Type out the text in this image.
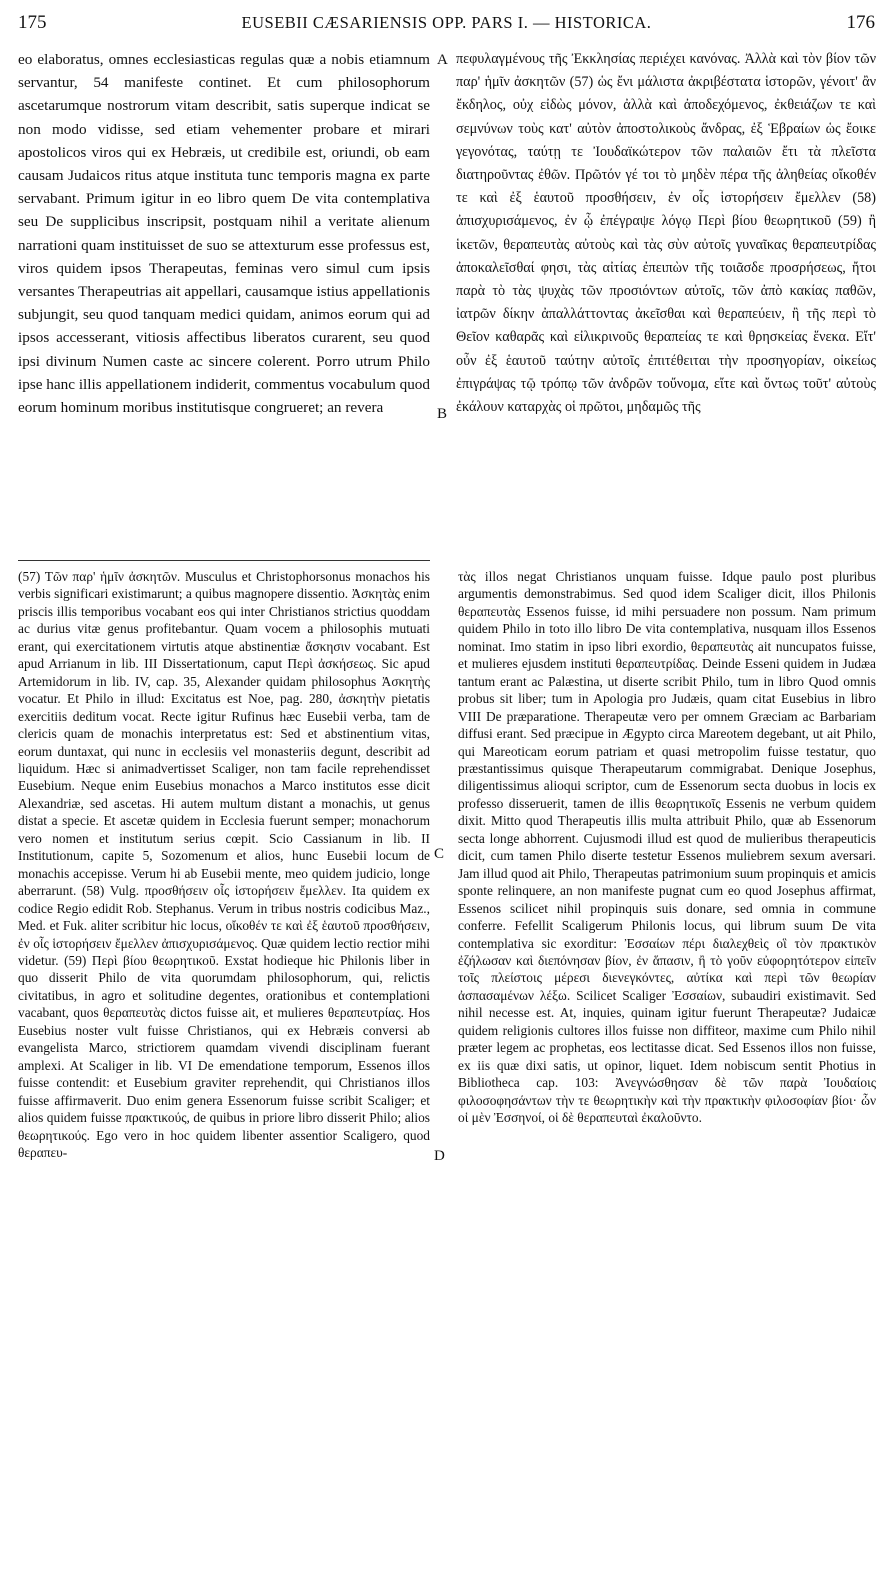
175	EUSEBII CÆSARIENSIS OPP. PARS I. — HISTORICA.	176

eo elaboratus, omnes ecclesiasticas regulas quæ a nobis etiamnum servantur, 54 manifeste continet. Et cum philosophorum ascetarumque nostrorum vitam describit, satis superque indicat se non modo vidisse, sed etiam vehementer probare et mirari apostolicos viros qui ex Hebræis, ut credibile est, oriundi, ob eam causam Judaicos ritus atque instituta tunc temporis magna ex parte servabant. Primum igitur in eo libro quem De vita contemplativa seu De supplicibus inscripsit, postquam nihil a veritate alienum narrationi quam instituisset de suo se attexturum esse professus est, viros quidem ipsos Therapeutas, feminas vero simul cum ipsis versantes Therapeutrias ait appellari, causamque istius appellationis subjungit, seu quod tanquam medici quidam, animos eorum qui ad ipsos accesserant, vitiosis affectibus liberatos curarent, seu quod ipsi divinum Numen caste ac sincere colerent. Porro utrum Philo ipse hanc illis appellationem indiderit, commentus vocabulum quod eorum hominum moribus institutisque congrueret; an revera

πεφυλαγμένους τῆς Ἐκκλησίας περιέχει κανόνας. Ἀλλὰ καὶ τὸν βίον τῶν παρ' ἡμῖν ἀσκητῶν (57) ὡς ἔνι μάλιστα ἀκριβέστατα ἱστορῶν, γένοιτ' ἂν ἔκδηλος, οὐχ εἰδὼς μόνον, ἀλλὰ καὶ ἀποδεχόμενος, ἐκθειάζων τε καὶ σεμνύνων τοὺς κατ' αὐτὸν ἀποστολικοὺς ἄνδρας, ἐξ Ἑβραίων ὡς ἔοικε γεγονότας, ταύτῃ τε Ἰουδαϊκώτερον τῶν παλαιῶν ἔτι τὰ πλεῖστα διατηροῦντας ἐθῶν. Πρῶτόν γέ τοι τὸ μηδὲν πέρα τῆς ἀληθείας οἴκοθέν τε καὶ ἐξ ἑαυτοῦ προσθήσειν, ἐν οἷς ἱστορήσειν ἔμελλεν (58) ἀπισχυρισάμενος, ἐν ᾧ ἐπέγραψε λόγῳ Περὶ βίου θεωρητικοῦ (59) ἢ ἱκετῶν, θεραπευτὰς αὐτοὺς καὶ τὰς σὺν αὐτοῖς γυναῖκας θεραπευτρίδας ἀποκαλεῖσθαί φησι, τὰς αἰτίας ἐπειπὼν τῆς τοιᾶσδε προσρήσεως, ἤτοι παρὰ τὸ τὰς ψυχὰς τῶν προσιόντων αὐτοῖς, τῶν ἀπὸ κακίας παθῶν, ἰατρῶν δίκην ἀπαλλάττοντας ἀκεῖσθαι καὶ θεραπεύειν, ἢ τῆς περὶ τὸ Θεῖον καθαρᾶς καὶ εἰλικρινοῦς θεραπείας τε καὶ θρησκείας ἕνεκα. Εἴτ' οὖν ἐξ ἑαυτοῦ ταύτην αὐτοῖς ἐπιτέθειται τὴν προσηγορίαν, οἰκείως ἐπιγράψας τῷ τρόπῳ τῶν ἀνδρῶν τοὔνομα, εἴτε καὶ ὄντως τοῦτ' αὐτοὺς ἐκάλουν καταρχὰς οἱ πρῶτοι, μηδαμῶς τῆς

A
B
C
D

(57) Τῶν παρ' ἡμῖν ἀσκητῶν. Musculus et Christophorsonus monachos his verbis significari existimarunt; a quibus magnopere dissentio. Ἀσκητὰς enim priscis illis temporibus vocabant eos qui inter Christianos strictius quoddam ac durius vitæ genus profitebantur. Quam vocem a philosophis mutuati erant, qui exercitationem virtutis atque abstinentiæ ἄσκησιν vocabant. Est apud Arrianum in lib. III Dissertationum, caput Περὶ ἀσκήσεως. Sic apud Artemidorum in lib. IV, cap. 35, Alexander quidam philosophus Ἀσκητὴς vocatur. Et Philo in illud: Excitatus est Noe, pag. 280, ἀσκητὴν pietatis exercitiis deditum vocat. Recte igitur Rufinus hæc Eusebii verba, tam de clericis quam de monachis interpretatus est: Sed et abstinentium vitas, eorum duntaxat, qui nunc in ecclesiis vel monasteriis degunt, describit ad liquidum. Hæc si animadvertisset Scaliger, non tam facile reprehendisset Eusebium. Neque enim Eusebius monachos a Marco institutos esse dicit Alexandriæ, sed ascetas. Hi autem multum distant a monachis, ut genus distat a specie. Et ascetæ quidem in Ecclesia fuerunt semper; monachorum vero nomen et institutum serius cœpit. Scio Cassianum in lib. II Institutionum, capite 5, Sozomenum et alios, hunc Eusebii locum de monachis accepisse. Verum hi ab Eusebii mente, meo quidem judicio, longe aberrarunt. (58) Vulg. προσθήσειν οἷς ἱστορήσειν ἔμελλεν. Ita quidem ex codice Regio edidit Rob. Stephanus. Verum in tribus nostris codicibus Maz., Med. et Fuk. aliter scribitur hic locus, οἴκοθέν τε καὶ ἐξ ἑαυτοῦ προσθήσειν, ἐν οἷς ἱστορήσειν ἔμελλεν ἀπισχυρισάμενος. Quæ quidem lectio rectior mihi videtur. (59) Περὶ βίου θεωρητικοῦ. Exstat hodieque hic Philonis liber in quo disserit Philo de vita quorumdam philosophorum, qui, relictis civitatibus, in agro et solitudine degentes, orationibus et contemplationi vacabant, quos θεραπευτὰς dictos fuisse ait, et mulieres θεραπευτρίας. Hos Eusebius noster vult fuisse Christianos, qui ex Hebræis conversi ab evangelista Marco, strictiorem quamdam vivendi disciplinam fuerant amplexi. At Scaliger in lib. VI De emendatione temporum, Essenos illos fuisse contendit: et Eusebium graviter reprehendit, qui Christianos illos fuisse affirmaverit. Duo enim genera Essenorum fuisse scribit Scaliger; et alios quidem fuisse πρακτικούς, de quibus in priore libro disserit Philo; alios θεωρητικούς. Ego vero in hoc quidem libenter assentior Scaligero, quod θεραπευ-

τὰς illos negat Christianos unquam fuisse. Idque paulo post pluribus argumentis demonstrabimus. Sed quod idem Scaliger dicit, illos Philonis θεραπευτὰς Essenos fuisse, id mihi persuadere non possum. Nam primum quidem Philo in toto illo libro De vita contemplativa, nusquam illos Essenos nominat. Imo statim in ipso libri exordio, θεραπευτὰς ait nuncupatos fuisse, et mulieres ejusdem instituti θεραπευτρίδας. Deinde Esseni quidem in Judæa tantum erant ac Palæstina, ut diserte scribit Philo, tum in libro Quod omnis probus sit liber; tum in Apologia pro Judæis, quam citat Eusebius in libro VIII De præparatione. Therapeutæ vero per omnem Græciam ac Barbariam diffusi erant. Sed præcipue in Ægypto circa Mareotem degebant, ut ait Philo, qui Mareoticam eorum patriam et quasi metropolim fuisse testatur, quo præstantissimus quisque Therapeutarum commigrabat. Denique Josephus, diligentissimus alioqui scriptor, cum de Essenorum secta duobus in locis ex professo disseruerit, tamen de illis θεωρητικοῖς Essenis ne verbum quidem dixit. Mitto quod Therapeutis illis multa attribuit Philo, quæ ab Essenorum secta longe abhorrent. Cujusmodi illud est quod de mulieribus therapeuticis dicit, cum tamen Philo diserte testetur Essenos muliebrem sexum aversari. Jam illud quod ait Philo, Therapeutas patrimonium suum propinquis et amicis sponte relinquere, an non manifeste pugnat cum eo quod Josephus affirmat, Essenos scilicet nihil propinquis suis donare, sed omnia in commune conferre. Fefellit Scaligerum Philonis locus, qui librum suum De vita contemplativa sic exorditur: Ἐσσαίων πέρι διαλεχθεὶς οἳ τὸν πρακτικὸν ἐζήλωσαν καὶ διεπόνησαν βίον, ἐν ἅπασιν, ἢ τὸ γοῦν εὐφορητότερον εἰπεῖν τοῖς πλείστοις μέρεσι διενεγκόντες, αὐτίκα καὶ περὶ τῶν θεωρίαν ἀσπασαμένων λέξω. Scilicet Scaliger Ἐσσαίων, subaudiri existimavit. Sed nihil necesse est. At, inquies, quinam igitur fuerunt Therapeutæ? Judaicæ quidem religionis cultores illos fuisse non diffiteor, maxime cum Philo nihil præter legem ac prophetas, eos lectitasse dicat. Sed Essenos illos non fuisse, ex iis quæ dixi satis, ut opinor, liquet. Idem nobiscum sentit Photius in Bibliotheca cap. 103: Ἀνεγνώσθησαν δὲ τῶν παρὰ Ἰουδαίοις φιλοσοφησάντων τὴν τε θεωρητικὴν καὶ τὴν πρακτικὴν φιλοσοφίαν βίοι· ὧν οἱ μὲν Ἐσσηνοί, οἱ δὲ θεραπευταὶ ἐκαλοῦντο.
